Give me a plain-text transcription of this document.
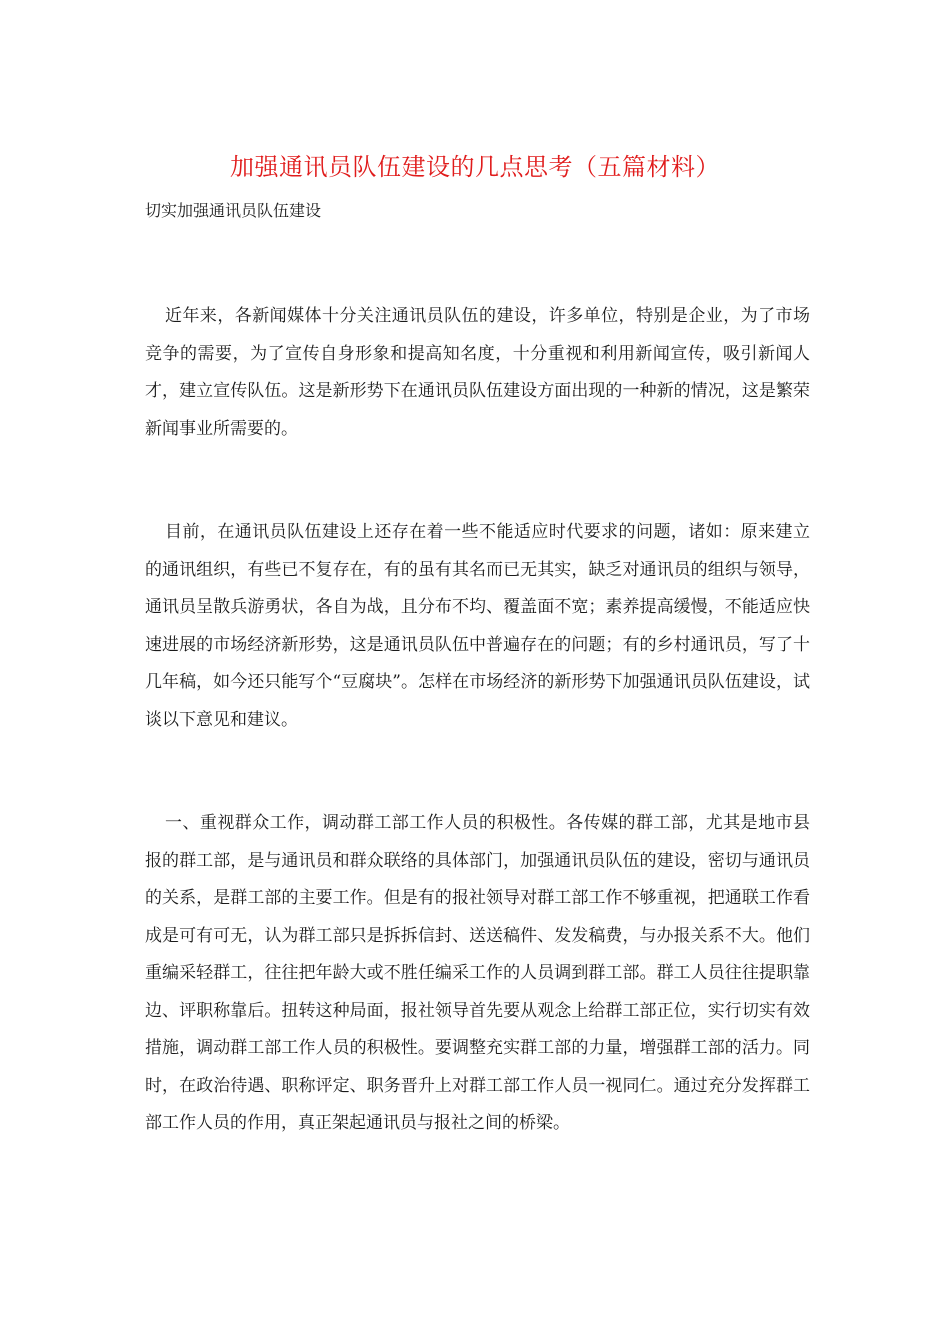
加强通讯员队伍建设的几点思考（五篇材料）

切实加强通讯员队伍建设

近年来，各新闻媒体十分关注通讯员队伍的建设，许多单位，特别是企业，为了市场竞争的需要，为了宣传自身形象和提高知名度，十分重视和利用新闻宣传，吸引新闻人才，建立宣传队伍。这是新形势下在通讯员队伍建设方面出现的一种新的情况，这是繁荣新闻事业所需要的。

目前，在通讯员队伍建设上还存在着一些不能适应时代要求的问题，诸如：原来建立的通讯组织，有些已不复存在，有的虽有其名而已无其实，缺乏对通讯员的组织与领导，通讯员呈散兵游勇状，各自为战，且分布不均、覆盖面不宽；素养提高缓慢，不能适应快速进展的市场经济新形势，这是通讯员队伍中普遍存在的问题；有的乡村通讯员，写了十几年稿，如今还只能写个“豆腐块”。怎样在市场经济的新形势下加强通讯员队伍建设，试谈以下意见和建议。

一、重视群众工作，调动群工部工作人员的积极性。各传媒的群工部，尤其是地市县报的群工部，是与通讯员和群众联络的具体部门，加强通讯员队伍的建设，密切与通讯员的关系，是群工部的主要工作。但是有的报社领导对群工部工作不够重视，把通联工作看成是可有可无，认为群工部只是拆拆信封、送送稿件、发发稿费，与办报关系不大。他们重编采轻群工，往往把年龄大或不胜任编采工作的人员调到群工部。群工人员往往提职靠边、评职称靠后。扭转这种局面，报社领导首先要从观念上给群工部正位，实行切实有效措施，调动群工部工作人员的积极性。要调整充实群工部的力量，增强群工部的活力。同时，在政治待遇、职称评定、职务晋升上对群工部工作人员一视同仁。通过充分发挥群工部工作人员的作用，真正架起通讯员与报社之间的桥梁。
